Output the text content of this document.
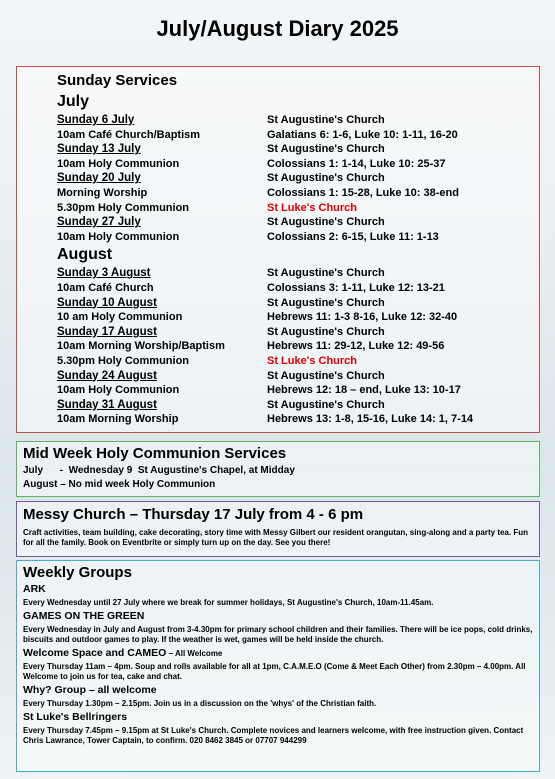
July/August Diary 2025
Sunday Services
July
Sunday 6 July	St Augustine's Church
10am Café Church/Baptism	Galatians 6: 1-6, Luke 10: 1-11, 16-20
Sunday 13 July	St Augustine's Church
10am Holy Communion	Colossians 1: 1-14, Luke 10: 25-37
Sunday 20 July	St Augustine's Church
Morning Worship	Colossians 1: 15-28, Luke 10: 38-end
5.30pm Holy Communion	St Luke's Church
Sunday 27 July	St Augustine's Church
10am Holy Communion	Colossians 2: 6-15, Luke 11: 1-13
August
Sunday 3 August	St Augustine's Church
10am Café Church	Colossians 3: 1-11, Luke 12: 13-21
Sunday 10 August	St Augustine's Church
10 am Holy Communion	Hebrews 11: 1-3 8-16, Luke 12: 32-40
Sunday 17 August	St Augustine's Church
10am Morning Worship/Baptism	Hebrews 11: 29-12, Luke 12: 49-56
5.30pm Holy Communion	St Luke's Church
Sunday 24 August	St Augustine's Church
10am Holy Communion	Hebrews 12: 18 – end, Luke 13: 10-17
Sunday 31 August	St Augustine's Church
10am Morning Worship	Hebrews 13: 1-8, 15-16, Luke 14: 1, 7-14
Mid Week Holy Communion Services
July      -  Wednesday 9  St Augustine's Chapel, at Midday
August – No mid week Holy Communion
Messy Church – Thursday 17 July from 4 - 6 pm
Craft activities, team building, cake decorating, story time with Messy Gilbert our resident orangutan, sing-along and a party tea. Fun for all the family. Book on Eventbrite or simply turn up on the day. See you there!
Weekly Groups
ARK
Every Wednesday until 27 July where we break for summer holidays, St Augustine's Church, 10am-11.45am.
GAMES ON THE GREEN
Every Wednesday in July and August from 3-4.30pm for primary school children and their families. There will be ice pops, cold drinks, biscuits and outdoor games to play. If the weather is wet, games will be held inside the church.
Welcome Space and CAMEO – All Welcome
Every Thursday 11am – 4pm. Soup and rolls available for all at 1pm, C.A.M.E.O (Come & Meet Each Other) from 2.30pm – 4.00pm. All Welcome to join us for tea, cake and chat.
Why? Group – all welcome
Every Thursday 1.30pm – 2.15pm. Join us in a discussion on the 'whys' of the Christian faith.
St Luke's Bellringers
Every Thursday 7.45pm – 9.15pm at St Luke's Church. Complete novices and learners welcome, with free instruction given. Contact Chris Lawrance, Tower Captain, to confirm. 020 8462 3845 or 07707 944299
